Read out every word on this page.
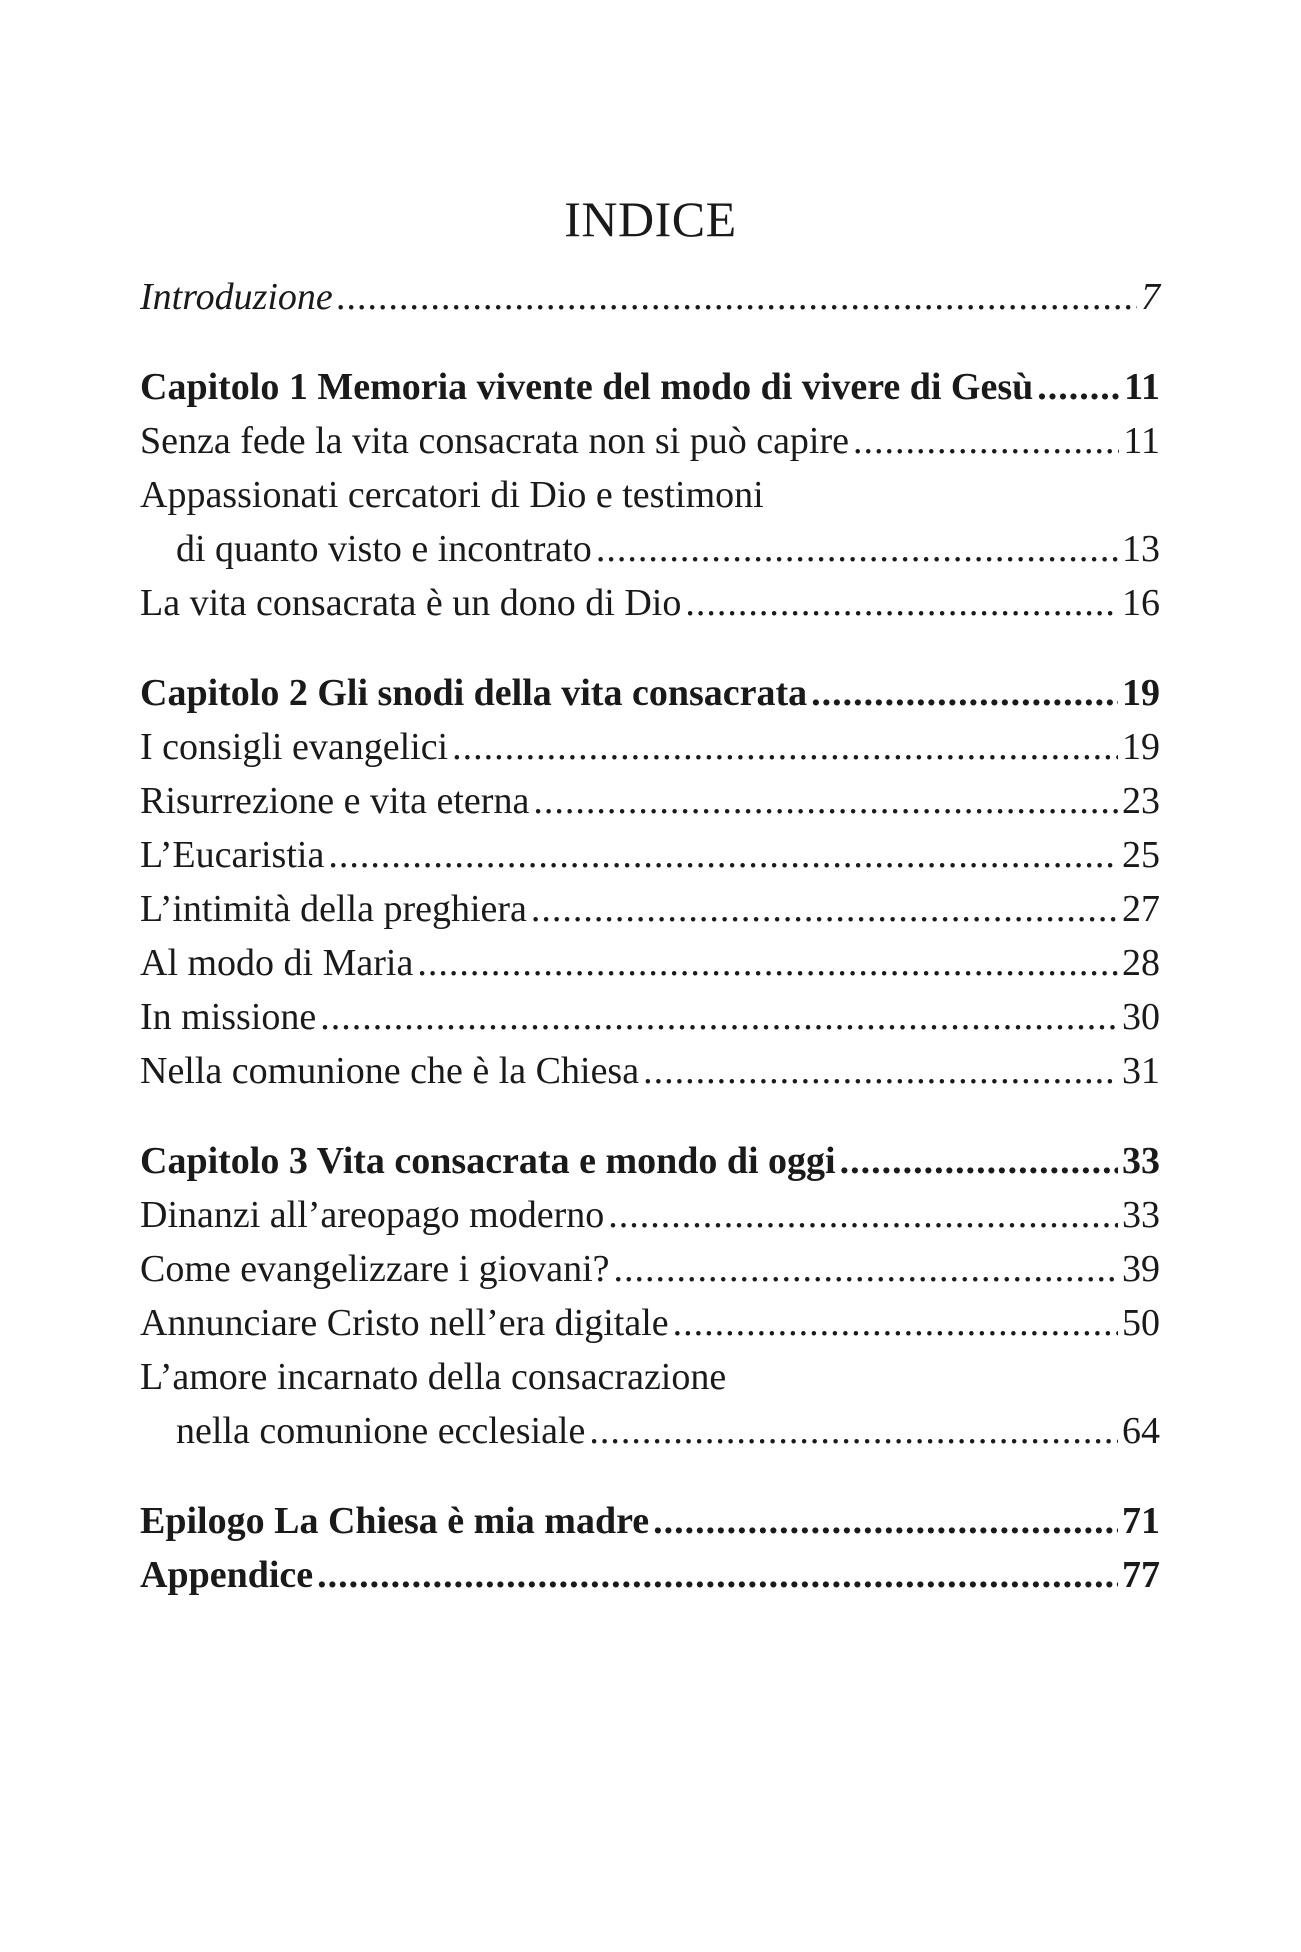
INDICE
Introduzione .....	7
Capitolo 1 Memoria vivente del modo di vivere di Gesù ..... 11
Senza fede la vita consacrata non si può capire .....	11
Appassionati cercatori di Dio e testimoni
di quanto visto e incontrato .....	13
La vita consacrata è un dono di Dio .....	16
Capitolo 2 Gli snodi della vita consacrata .....	19
I consigli evangelici .....	19
Risurrezione e vita eterna .....	23
L’Eucaristia .....	25
L’intimità della preghiera .....	27
Al modo di Maria .....	28
In missione .....	30
Nella comunione che è la Chiesa .....	31
Capitolo 3 Vita consacrata e mondo di oggi .....	33
Dinanzi all’areopago moderno .....	33
Come evangelizzare i giovani? .....	39
Annunciare Cristo nell’era digitale .....	50
L’amore incarnato della consacrazione
nella comunione ecclesiale .....	64
Epilogo La Chiesa è mia madre .....	71
Appendice .....	77
